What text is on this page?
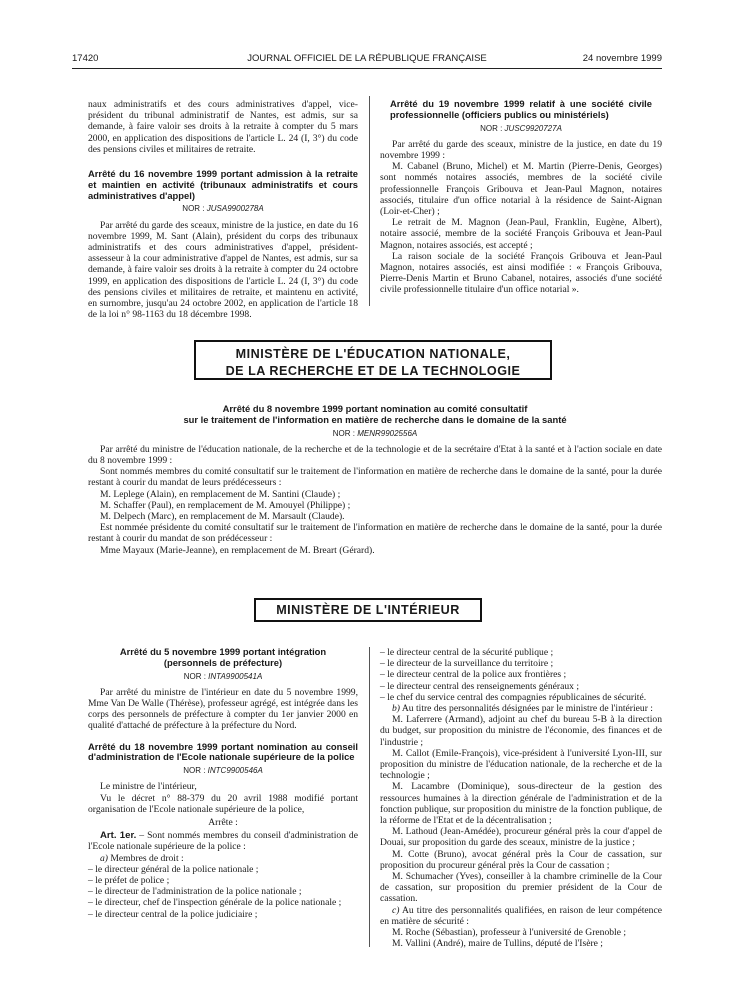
17420	JOURNAL OFFICIEL DE LA RÉPUBLIQUE FRANÇAISE	24 novembre 1999

naux administratifs et des cours administratives d'appel, vice-président du tribunal administratif de Nantes, est admis, sur sa demande, à faire valoir ses droits à la retraite à compter du 5 mars 2000, en application des dispositions de l'article L. 24 (I, 3°) du code des pensions civiles et militaires de retraite.

Arrêté du 16 novembre 1999 portant admission à la retraite et maintien en activité (tribunaux administratifs et cours administratives d'appel)

NOR : JUSA9900278A

Par arrêté du garde des sceaux, ministre de la justice, en date du 16 novembre 1999, M. Sant (Alain), président du corps des tribunaux administratifs et des cours administratives d'appel, président-assesseur à la cour administrative d'appel de Nantes, est admis, sur sa demande, à faire valoir ses droits à la retraite à compter du 24 octobre 1999, en application des dispositions de l'article L. 24 (I, 3°) du code des pensions civiles et militaires de retraite, et maintenu en activité, en surnombre, jusqu'au 24 octobre 2002, en application de l'article 18 de la loi n° 98-1163 du 18 décembre 1998.

Arrêté du 19 novembre 1999 relatif à une société civile professionnelle (officiers publics ou ministériels)

NOR : JUSC9920727A

Par arrêté du garde des sceaux, ministre de la justice, en date du 19 novembre 1999 :

M. Cabanel (Bruno, Michel) et M. Martin (Pierre-Denis, Georges) sont nommés notaires associés, membres de la société civile professionnelle François Gribouva et Jean-Paul Magnon, notaires associés, titulaire d'un office notarial à la résidence de Saint-Aignan (Loir-et-Cher) ;

Le retrait de M. Magnon (Jean-Paul, Franklin, Eugène, Albert), notaire associé, membre de la société François Gribouva et Jean-Paul Magnon, notaires associés, est accepté ;

La raison sociale de la société François Gribouva et Jean-Paul Magnon, notaires associés, est ainsi modifiée : « François Gribouva, Pierre-Denis Martin et Bruno Cabanel, notaires, associés d'une société civile professionnelle titulaire d'un office notarial ».

MINISTÈRE DE L'ÉDUCATION NATIONALE,
DE LA RECHERCHE ET DE LA TECHNOLOGIE

Arrêté du 8 novembre 1999 portant nomination au comité consultatif

sur le traitement de l'information en matière de recherche dans le domaine de la santé

NOR : MENR9902556A

Par arrêté du ministre de l'éducation nationale, de la recherche et de la technologie et de la secrétaire d'Etat à la santé et à l'action sociale en date du 8 novembre 1999 :

Sont nommés membres du comité consultatif sur le traitement de l'information en matière de recherche dans le domaine de la santé, pour la durée restant à courir du mandat de leurs prédécesseurs :

M. Leplege (Alain), en remplacement de M. Santini (Claude) ;

M. Schaffer (Paul), en remplacement de M. Amouyel (Philippe) ;

M. Delpech (Marc), en remplacement de M. Marsault (Claude).

Est nommée présidente du comité consultatif sur le traitement de l'information en matière de recherche dans le domaine de la santé, pour la durée restant à courir du mandat de son prédécesseur :

Mme Mayaux (Marie-Jeanne), en remplacement de M. Breart (Gérard).

MINISTÈRE DE L'INTÉRIEUR

Arrêté du 5 novembre 1999 portant intégration (personnels de préfecture)

NOR : INTA9900541A

Par arrêté du ministre de l'intérieur en date du 5 novembre 1999, Mme Van De Walle (Thérèse), professeur agrégé, est intégrée dans les corps des personnels de préfecture à compter du 1er janvier 2000 en qualité d'attaché de préfecture à la préfecture du Nord.

Arrêté du 18 novembre 1999 portant nomination au conseil d'administration de l'Ecole nationale supérieure de la police

NOR : INTC9900546A

Le ministre de l'intérieur,

Vu le décret n° 88-379 du 20 avril 1988 modifié portant organisation de l'Ecole nationale supérieure de la police,

Arrête :

Art. 1er. – Sont nommés membres du conseil d'administration de l'Ecole nationale supérieure de la police :

a) Membres de droit :

– le directeur général de la police nationale ;

– le préfet de police ;

– le directeur de l'administration de la police nationale ;

– le directeur, chef de l'inspection générale de la police nationale ;

– le directeur central de la police judiciaire ;

– le directeur central de la sécurité publique ;

– le directeur de la surveillance du territoire ;

– le directeur central de la police aux frontières ;

– le directeur central des renseignements généraux ;

– le chef du service central des compagnies républicaines de sécurité.

b) Au titre des personnalités désignées par le ministre de l'intérieur :

M. Laferrere (Armand), adjoint au chef du bureau 5-B à la direction du budget, sur proposition du ministre de l'économie, des finances et de l'industrie ;

M. Callot (Emile-François), vice-président à l'université Lyon-III, sur proposition du ministre de l'éducation nationale, de la recherche et de la technologie ;

M. Lacambre (Dominique), sous-directeur de la gestion des ressources humaines à la direction générale de l'administration et de la fonction publique, sur proposition du ministre de la fonction publique, de la réforme de l'Etat et de la décentralisation ;

M. Lathoud (Jean-Amédée), procureur général près la cour d'appel de Douai, sur proposition du garde des sceaux, ministre de la justice ;

M. Cotte (Bruno), avocat général près la Cour de cassation, sur proposition du procureur général près la Cour de cassation ;

M. Schumacher (Yves), conseiller à la chambre criminelle de la Cour de cassation, sur proposition du premier président de la Cour de cassation.

c) Au titre des personnalités qualifiées, en raison de leur compétence en matière de sécurité :

M. Roche (Sébastian), professeur à l'université de Grenoble ;

M. Vallini (André), maire de Tullins, député de l'Isère ;
